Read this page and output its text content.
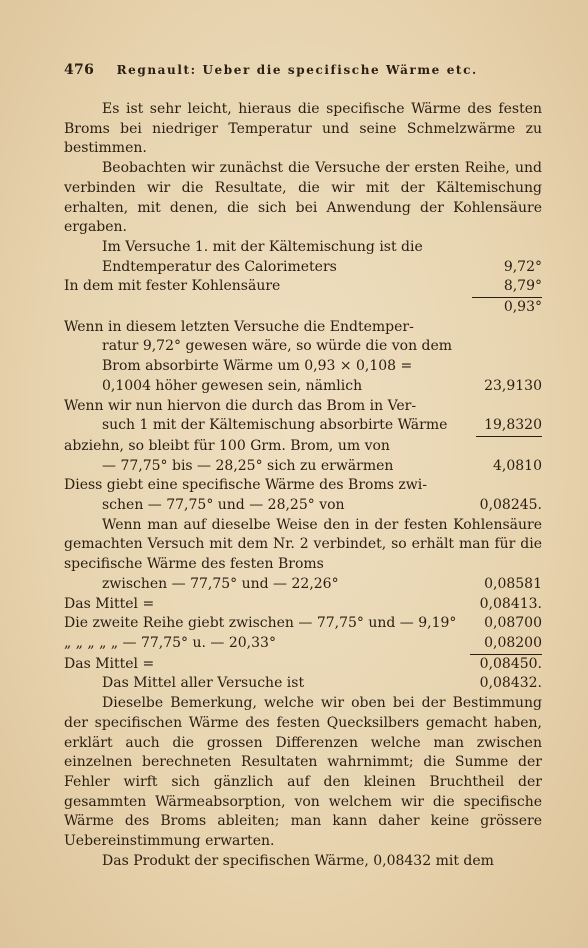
476 Regnault: Ueber die specifische Wärme etc.
Es ist sehr leicht, hieraus die specifische Wärme des festen Broms bei niedriger Temperatur und seine Schmelzwärme zu bestimmen.
Beobachten wir zunächst die Versuche der ersten Reihe, und verbinden wir die Resultate, die wir mit der Kältemischung erhalten, mit denen, die sich bei Anwendung der Kohlensäure ergaben.
Im Versuche 1. mit der Kältemischung ist die
Endtemperatur des Calorimeters	9,72°
In dem mit fester Kohlensäure	8,79°
0,93°
Wenn in diesem letzten Versuche die Endtemper-
ratur 9,72° gewesen wäre, so würde die von dem
Brom absorbirte Wärme um 0,93 × 0,108 =
0,1004 höher gewesen sein, nämlich	23,9130
Wenn wir nun hiervon die durch das Brom in Ver-
such 1 mit der Kältemischung absorbirte Wärme	19,8320
abziehn, so bleibt für 100 Grm. Brom, um von
— 77,75° bis — 28,25° sich zu erwärmen	4,0810
Diess giebt eine specifische Wärme des Broms zwi-
schen — 77,75° und — 28,25° von	0,08245.
Wenn man auf dieselbe Weise den in der festen Kohlensäure gemachten Versuch mit dem Nr. 2 verbindet, so erhält man für die specifische Wärme des festen Broms
zwischen — 77,75° und — 22,26°	0,08581
Das Mittel =	0,08413.
Die zweite Reihe giebt zwischen — 77,75° und — 9,19°	0,08700
„ „ „ „ „ — 77,75° u. — 20,33°	0,08200
Das Mittel =	0,08450.
Das Mittel aller Versuche ist	0,08432.
Dieselbe Bemerkung, welche wir oben bei der Bestimmung der specifischen Wärme des festen Quecksilbers gemacht haben, erklärt auch die grossen Differenzen welche man zwischen einzelnen berechneten Resultaten wahrnimmt; die Summe der Fehler wirft sich gänzlich auf den kleinen Bruchtheil der gesammten Wärmeabsorption, von welchem wir die specifische Wärme des Broms ableiten; man kann daher keine grössere Uebereinstimmung erwarten.
Das Produkt der specifischen Wärme, 0,08432 mit dem
